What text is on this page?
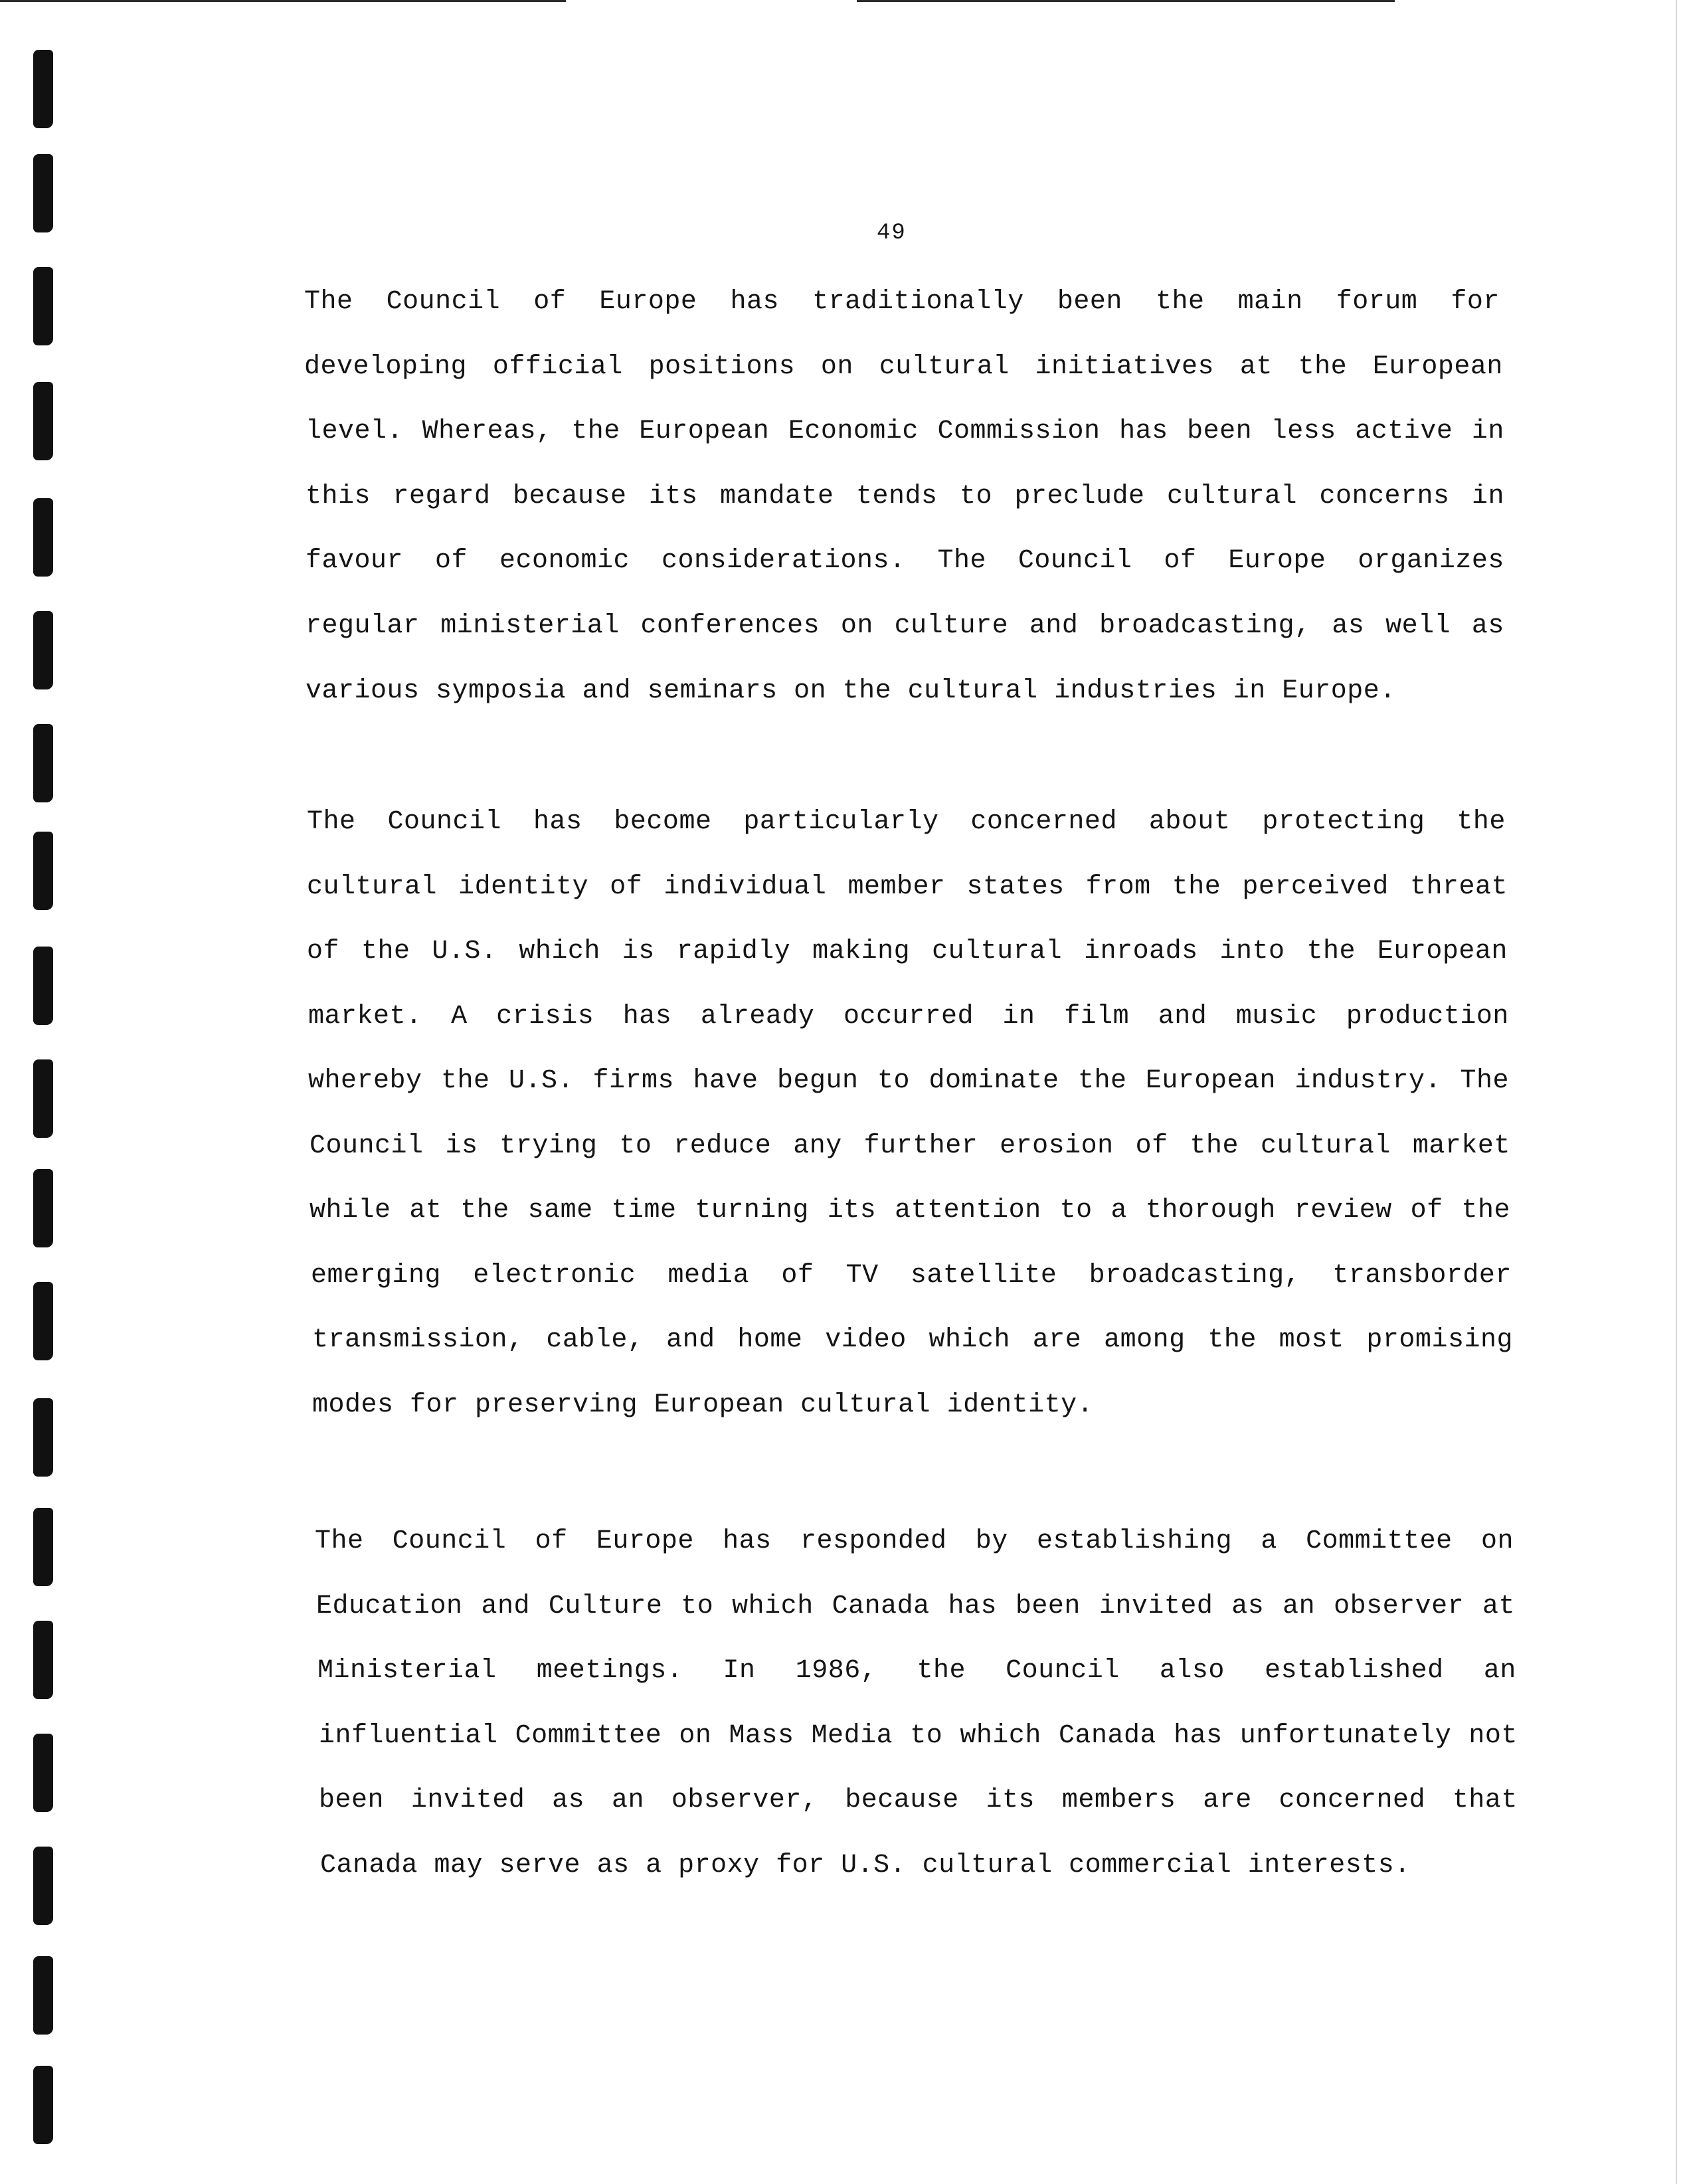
49
The Council of Europe has traditionally been the main forum for
developing official positions on cultural initiatives at the European
level. Whereas, the European Economic Commission has been less active in
this regard because its mandate tends to preclude cultural concerns in
favour of economic considerations. The Council of Europe organizes
regular ministerial conferences on culture and broadcasting, as well as
various symposia and seminars on the cultural industries in Europe.
The Council has become particularly concerned about protecting the
cultural identity of individual member states from the perceived threat
of the U.S. which is rapidly making cultural inroads into the European
market. A crisis has already occurred in film and music production
whereby the U.S. firms have begun to dominate the European industry. The
Council is trying to reduce any further erosion of the cultural market
while at the same time turning its attention to a thorough review of the
emerging electronic media of TV satellite broadcasting, transborder
transmission, cable, and home video which are among the most promising
modes for preserving European cultural identity.
The Council of Europe has responded by establishing a Committee on
Education and Culture to which Canada has been invited as an observer at
Ministerial meetings. In 1986, the Council also established an
influential Committee on Mass Media to which Canada has unfortunately not
been invited as an observer, because its members are concerned that
Canada may serve as a proxy for U.S. cultural commercial interests.
